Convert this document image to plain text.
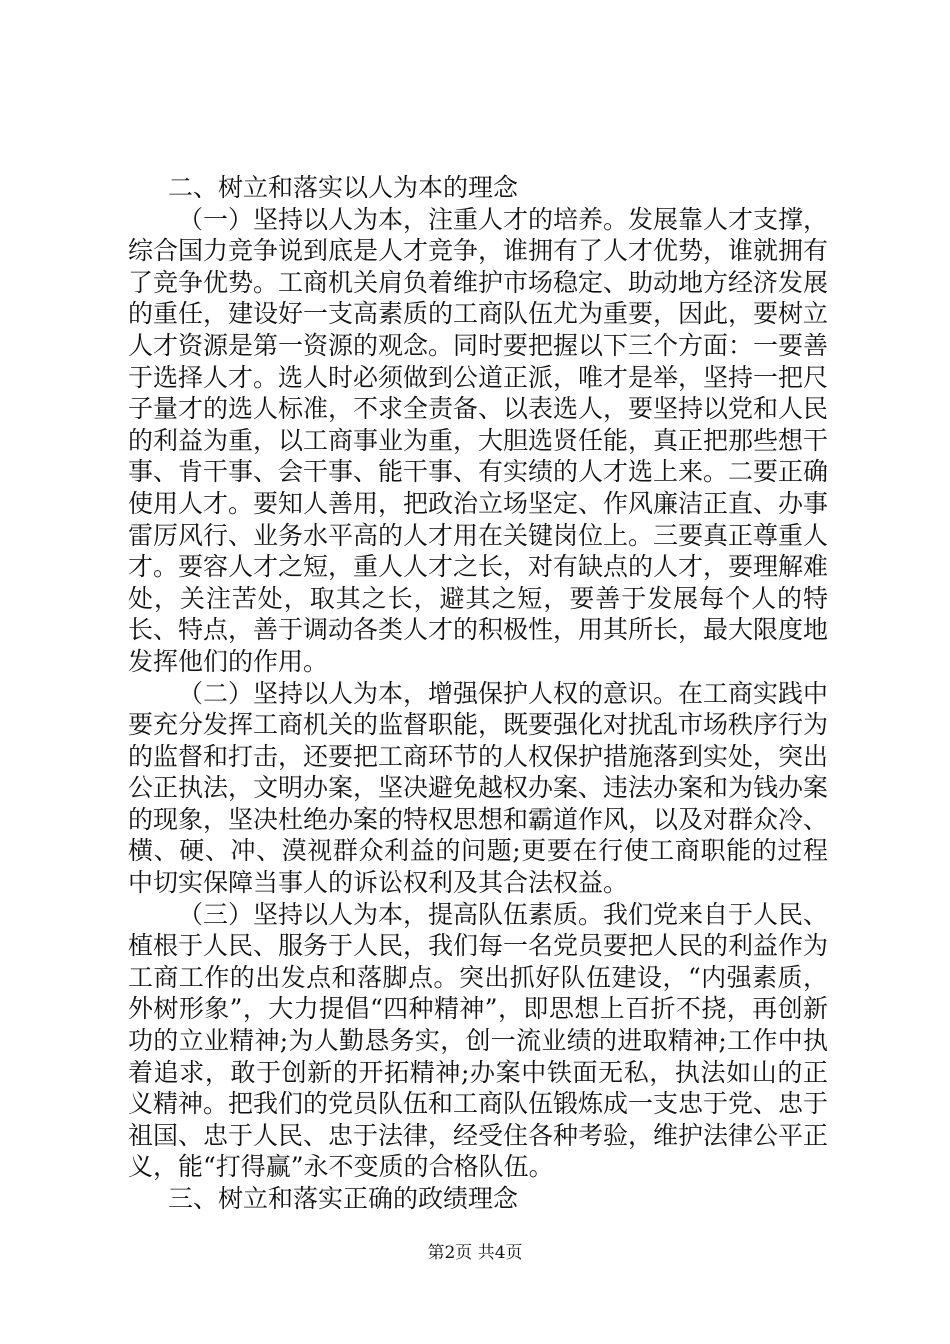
二、树立和落实以人为本的理念

（一）坚持以人为本，注重人才的培养。发展靠人才支撑，综合国力竞争说到底是人才竞争，谁拥有了人才优势，谁就拥有了竞争优势。工商机关肩负着维护市场稳定、助动地方经济发展的重任，建设好一支高素质的工商队伍尤为重要，因此，要树立人才资源是第一资源的观念。同时要把握以下三个方面：一要善于选择人才。选人时必须做到公道正派，唯才是举，坚持一把尺子量才的选人标准，不求全责备、以表选人，要坚持以党和人民的利益为重，以工商事业为重，大胆选贤任能，真正把那些想干事、肯干事、会干事、能干事、有实绩的人才选上来。二要正确使用人才。要知人善用，把政治立场坚定、作风廉洁正直、办事雷厉风行、业务水平高的人才用在关键岗位上。三要真正尊重人才。要容人才之短，重人人才之长，对有缺点的人才，要理解难处，关注苦处，取其之长，避其之短，要善于发展每个人的特长、特点，善于调动各类人才的积极性，用其所长，最大限度地发挥他们的作用。

（二）坚持以人为本，增强保护人权的意识。在工商实践中要充分发挥工商机关的监督职能，既要强化对扰乱市场秩序行为的监督和打击，还要把工商环节的人权保护措施落到实处，突出公正执法，文明办案，坚决避免越权办案、违法办案和为钱办案的现象，坚决杜绝办案的特权思想和霸道作风，以及对群众冷、横、硬、冲、漠视群众利益的问题;更要在行使工商职能的过程中切实保障当事人的诉讼权利及其合法权益。

（三）坚持以人为本，提高队伍素质。我们党来自于人民、植根于人民、服务于人民，我们每一名党员要把人民的利益作为工商工作的出发点和落脚点。突出抓好队伍建设，“内强素质，外树形象”，大力提倡“四种精神”，即思想上百折不挠，再创新功的立业精神;为人勤恳务实，创一流业绩的进取精神;工作中执着追求，敢于创新的开拓精神;办案中铁面无私，执法如山的正义精神。把我们的党员队伍和工商队伍锻炼成一支忠于党、忠于祖国、忠于人民、忠于法律，经受住各种考验，维护法律公平正义，能“打得赢”永不变质的合格队伍。

三、树立和落实正确的政绩理念

第2页 共4页
